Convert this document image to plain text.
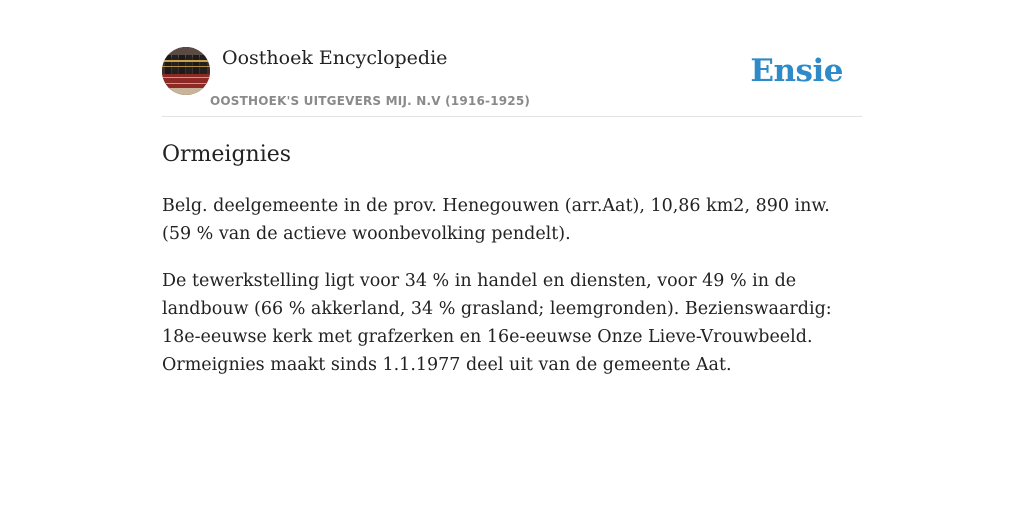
Oosthoek Encyclopedie
OOSTHOEK'S UITGEVERS MIJ. N.V (1916-1925)
Ensie
Ormeignies

Belg. deelgemeente in de prov. Henegouwen (arr.Aat), 10,86 km2, 890 inw. (59 % van de actieve woonbevolking pendelt).

De tewerkstelling ligt voor 34 % in handel en diensten, voor 49 % in de landbouw (66 % akkerland, 34 % grasland; leemgronden). Bezienswaardig: 18e-eeuwse kerk met grafzerken en 16e-eeuwse Onze Lieve-Vrouwbeeld. Ormeignies maakt sinds 1.1.1977 deel uit van de gemeente Aat.
